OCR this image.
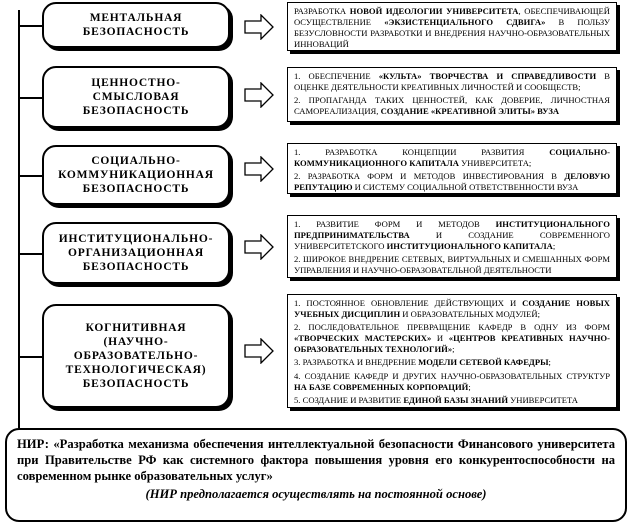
МЕНТАЛЬНАЯ
БЕЗОПАСНОСТЬ

РАЗРАБОТКА НОВОЙ ИДЕОЛОГИИ УНИВЕРСИТЕТА, ОБЕСПЕЧИВАЮЩЕЙ ОСУЩЕСТВЛЕНИЕ «ЭКЗИСТЕНЦИАЛЬНОГО СДВИГА» В ПОЛЬЗУ БЕЗУСЛОВНОСТИ РАЗРАБОТКИ И ВНЕДРЕНИЯ НАУЧНО-ОБРАЗОВАТЕЛЬНЫХ ИННОВАЦИЙ

ЦЕННОСТНО-
СМЫСЛОВАЯ
БЕЗОПАСНОСТЬ

1. ОБЕСПЕЧЕНИЕ «КУЛЬТА» ТВОРЧЕСТВА И СПРАВЕДЛИВОСТИ В ОЦЕНКЕ ДЕЯТЕЛЬНОСТИ КРЕАТИВНЫХ ЛИЧНОСТЕЙ И СООБЩЕСТВ;

2. ПРОПАГАНДА ТАКИХ ЦЕННОСТЕЙ, КАК ДОВЕРИЕ, ЛИЧНОСТНАЯ САМОРЕАЛИЗАЦИЯ, СОЗДАНИЕ «КРЕАТИВНОЙ ЭЛИТЫ» ВУЗА

СОЦИАЛЬНО-
КОММУНИКАЦИОННАЯ
БЕЗОПАСНОСТЬ

1. РАЗРАБОТКА КОНЦЕПЦИИ РАЗВИТИЯ СОЦИАЛЬНО-КОММУНИКАЦИОННОГО КАПИТАЛА УНИВЕРСИТЕТА;

2. РАЗРАБОТКА ФОРМ И МЕТОДОВ ИНВЕСТИРОВАНИЯ В ДЕЛОВУЮ РЕПУТАЦИЮ И СИСТЕМУ СОЦИАЛЬНОЙ ОТВЕТСТВЕННОСТИ ВУЗА

ИНСТИТУЦИОНАЛЬНО-
ОРГАНИЗАЦИОННАЯ
БЕЗОПАСНОСТЬ

1. РАЗВИТИЕ ФОРМ И МЕТОДОВ ИНСТИТУЦИОНАЛЬНОГО ПРЕДПРИНИМАТЕЛЬСТВА И СОЗДАНИЕ СОВРЕМЕННОГО УНИВЕРСИТЕТСКОГО ИНСТИТУЦИОНАЛЬНОГО КАПИТАЛА;

2. ШИРОКОЕ ВНЕДРЕНИЕ СЕТЕВЫХ, ВИРТУАЛЬНЫХ И СМЕШАННЫХ ФОРМ УПРАВЛЕНИЯ И НАУЧНО-ОБРАЗОВАТЕЛЬНОЙ ДЕЯТЕЛЬНОСТИ

КОГНИТИВНАЯ
(НАУЧНО-ОБРАЗОВАТЕЛЬНО-
ТЕХНОЛОГИЧЕСКАЯ)
БЕЗОПАСНОСТЬ

1. ПОСТОЯННОЕ ОБНОВЛЕНИЕ ДЕЙСТВУЮЩИХ И СОЗДАНИЕ НОВЫХ УЧЕБНЫХ ДИСЦИПЛИН И ОБРАЗОВАТЕЛЬНЫХ МОДУЛЕЙ;

2. ПОСЛЕДОВАТЕЛЬНОЕ ПРЕВРАЩЕНИЕ КАФЕДР В ОДНУ ИЗ ФОРМ «ТВОРЧЕСКИХ МАСТЕРСКИХ» И «ЦЕНТРОВ КРЕАТИВНЫХ НАУЧНО-ОБРАЗОВАТЕЛЬНЫХ ТЕХНОЛОГИЙ»;

3. РАЗРАБОТКА И ВНЕДРЕНИЕ МОДЕЛИ СЕТЕВОЙ КАФЕДРЫ;

4. СОЗДАНИЕ КАФЕДР И ДРУГИХ НАУЧНО-ОБРАЗОВАТЕЛЬНЫХ СТРУКТУР НА БАЗЕ СОВРЕМЕННЫХ КОРПОРАЦИЙ;

5. СОЗДАНИЕ И РАЗВИТИЕ ЕДИНОЙ БАЗЫ ЗНАНИЙ УНИВЕРСИТЕТА

НИР: «Разработка механизма обеспечения интеллектуальной безопасности Финансового университета при Правительстве РФ как системного фактора повышения уровня его конкурентоспособности на современном рынке образовательных услуг»

(НИР предполагается осуществлять на постоянной основе)
